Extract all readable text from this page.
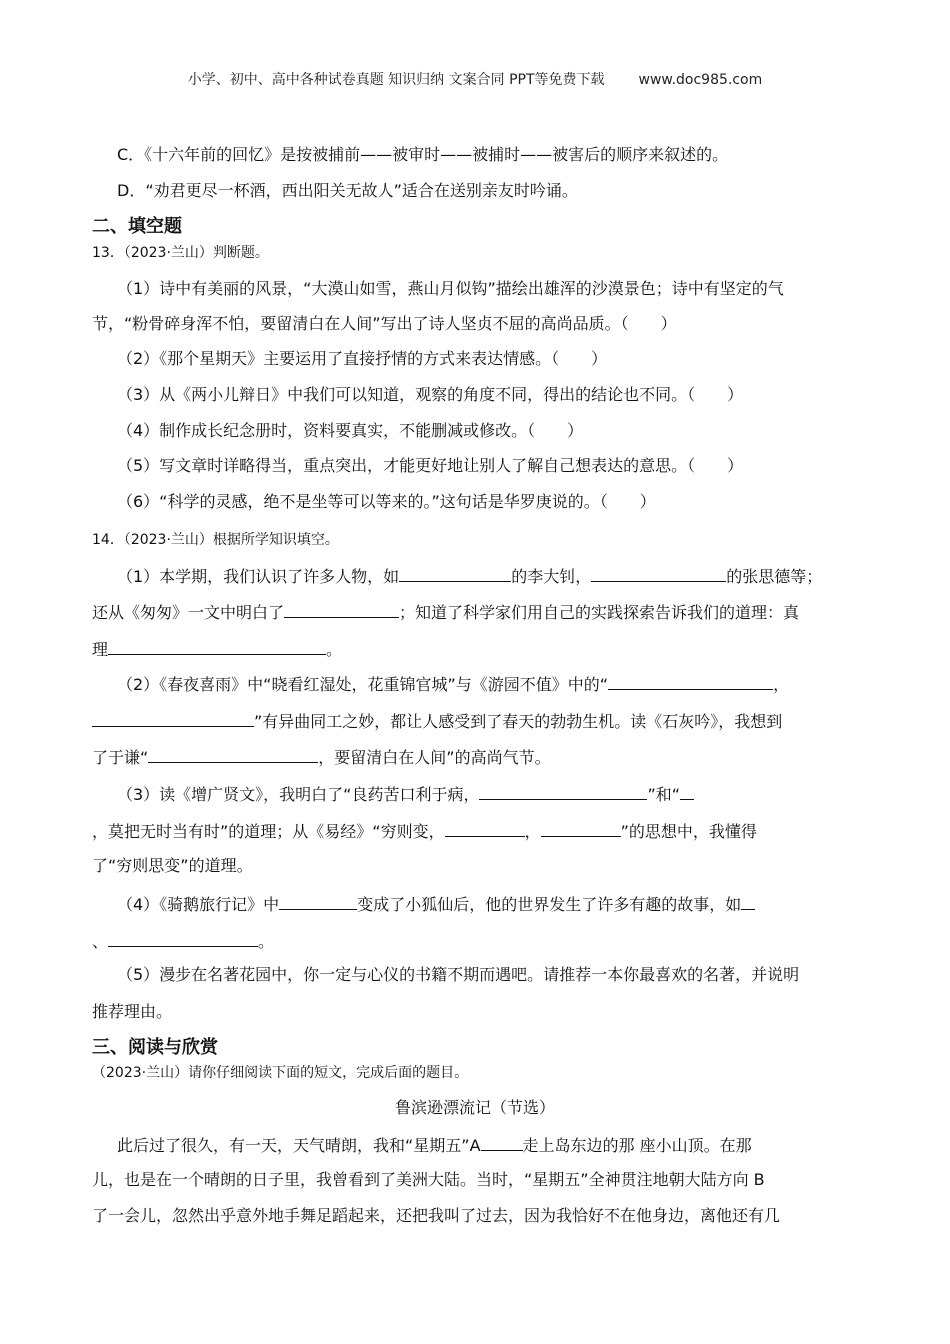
小学、初中、高中各种试卷真题 知识归纳 文案合同 PPT等免费下载 www.doc985.com
C．《十六年前的回忆》是按被捕前——被审时——被捕时——被害后的顺序来叙述的。
D．“劝君更尽一杯酒，西出阳关无故人”适合在送别亲友时吟诵。
二、填空题
13．（2023·兰山）判断题。
（1）诗中有美丽的风景，“大漠山如雪，燕山月似钩”描绘出雄浑的沙漠景色；诗中有坚定的气
节，“粉骨碎身浑不怕，要留清白在人间”写出了诗人坚贞不屈的高尚品质。（　　）
（2）《那个星期天》主要运用了直接抒情的方式来表达情感。（　　）
（3）从《两小儿辩日》中我们可以知道，观察的角度不同，得出的结论也不同。（　　）
（4）制作成长纪念册时，资料要真实，不能删减或修改。（　　）
（5）写文章时详略得当，重点突出，才能更好地让别人了解自己想表达的意思。（　　）
（6）“科学的灵感，绝不是坐等可以等来的。”这句话是华罗庚说的。（　　）
14．（2023·兰山）根据所学知识填空。
（1）本学期，我们认识了许多人物，如	的李大钊，	的张思德等；
还从《匆匆》一文中明白了	；知道了科学家们用自己的实践探索告诉我们的道理：真
理	。
（2）《春夜喜雨》中“晓看红湿处，花重锦官城”与《游园不值》中的“	，
”有异曲同工之妙，都让人感受到了春天的勃勃生机。读《石灰吟》，我想到
了于谦“	，要留清白在人间”的高尚气节。
（3）读《增广贤文》，我明白了“良药苦口利于病，	”和“
，莫把无时当有时”的道理；从《易经》“穷则变，	，	”的思想中，我懂得
了“穷则思变”的道理。
（4）《骑鹅旅行记》中	变成了小狐仙后，他的世界发生了许多有趣的故事，如
、	。
（5）漫步在名著花园中，你一定与心仪的书籍不期而遇吧。请推荐一本你最喜欢的名著，并说明
推荐理由。
三、阅读与欣赏
（2023·兰山）请你仔细阅读下面的短文，完成后面的题目。
鲁滨逊漂流记（节选）
此后过了很久，有一天，天气晴朗，我和“星期五”A	走上岛东边的那 座小山顶。在那
儿，也是在一个晴朗的日子里，我曾看到了美洲大陆。当时，“星期五”全神贯注地朝大陆方向 B
了一会儿，忽然出乎意外地手舞足蹈起来，还把我叫了过去，因为我恰好不在他身边，离他还有几
